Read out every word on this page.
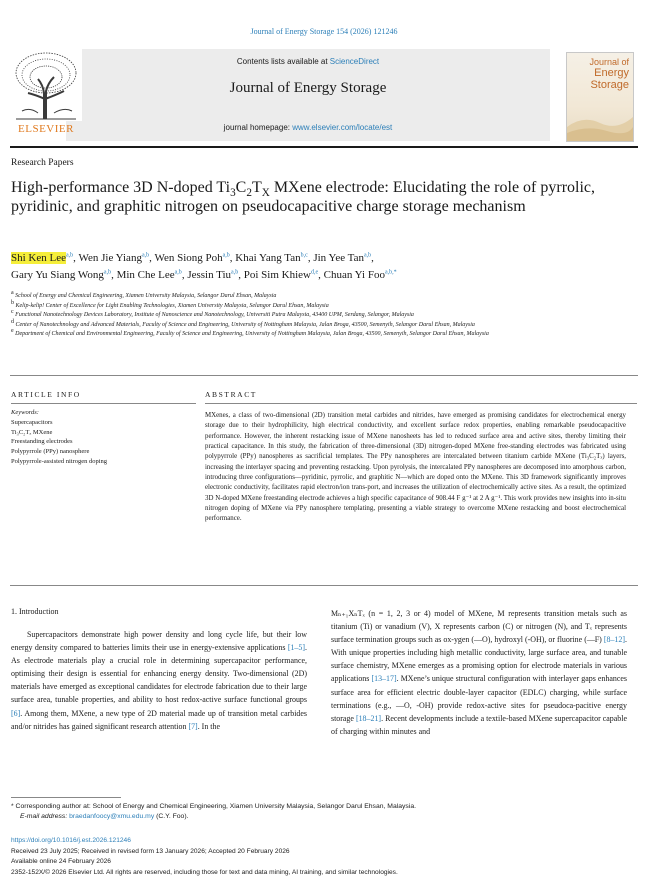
Journal of Energy Storage 154 (2026) 121246
Contents lists available at ScienceDirect
Journal of Energy Storage
journal homepage: www.elsevier.com/locate/est
ELSEVIER
Journal of
Energy
Storage
Research Papers
High-performance 3D N-doped $Ti_3C_2T_X$ MXene electrode: Elucidating the role of pyrrolic, pyridinic, and graphitic nitrogen on pseudocapacitive charge storage mechanism
Shi Ken Lee$^{a,b}$, Wen Jie Yiang$^{a,b}$, Wen Siong Poh$^{a,b}$, Khai Yang Tan$^{b,c}$, Jin Yee Tan$^{a,b}$,
Gary Yu Siang Wong$^{a,b}$, Min Che Lee$^{a,b}$, Jessin Tiu$^{a,b}$, Poi Sim Khiew$^{d,e}$, Chuan Yi Foo$^{a,b,*}$
$^a$ School of Energy and Chemical Engineering, Xiamen University Malaysia, Selangor Darul Ehsan, Malaysia
$^b$ Kelip-kelip! Center of Excellence for Light Enabling Technologies, Xiamen University Malaysia, Selangor Darul Ehsan, Malaysia
$^c$ Functional Nanotechnology Devices Laboratory, Institute of Nanoscience and Nanotechnology, Universiti Putra Malaysia, 43400 UPM, Serdang, Selangor, Malaysia
$^d$ Center of Nanotechnology and Advanced Materials, Faculty of Science and Engineering, University of Nottingham Malaysia, Jalan Broga, 43500, Semenyih, Selangor Darul Ehsan, Malaysia
$^e$ Department of Chemical and Environmental Engineering, Faculty of Science and Engineering, University of Nottingham Malaysia, Jalan Broga, 43500, Semenyih, Selangor Darul Ehsan, Malaysia
ARTICLE INFO
Keywords:
Supercapacitors
Ti₃C₂Tₓ MXene
Freestanding electrodes
Polypyrrole (PPy) nanosphere
Polypyrrole-assisted nitrogen doping
ABSTRACT
MXenes, a class of two-dimensional (2D) transition metal carbides and nitrides, have emerged as promising candidates for electrochemical energy storage due to their hydrophilicity, high electrical conductivity, and excellent surface redox properties, enabling remarkable pseudocapacitive performance. However, the inherent restacking issue of MXene nanosheets has led to reduced surface area and active sites, thereby limiting their practical capacitance. In this study, the fabrication of three-dimensional (3D) nitrogen-doped MXene free-standing electrodes was fabricated using polypyrrole (PPy) nanospheres as sacrificial templates. The PPy nanospheres are intercalated between titanium carbide MXene (Ti₃C₂Tₓ) layers, increasing the interlayer spacing and preventing restacking. Upon pyrolysis, the intercalated PPy nanospheres are decomposed into amorphous carbon, introducing three configurations—pyridinic, pyrrolic, and graphitic N—which are doped onto the MXene. This 3D framework significantly improves electronic conductivity, facilitates rapid electron/ion trans-port, and increases the utilization of electrochemically active sites. As a result, the optimized 3D N-doped MXene freestanding electrode achieves a high specific capacitance of 908.44 F g⁻¹ at 2 A g⁻¹. This work provides new insights into in-situ nitrogen doping of MXene via PPy nanosphere templating, presenting a viable strategy to overcome MXene restacking and boost electrochemical performance.
1. Introduction

Supercapacitors demonstrate high power density and long cycle life, but their low energy density compared to batteries limits their use in energy-extensive applications [1–5]. As electrode materials play a crucial role in determining supercapacitor performance, optimising their design is essential for enhancing energy density. Two-dimensional (2D) materials have emerged as exceptional candidates for electrode fabrication due to their large surface area, tunable properties, and ability to host redox-active surface functional groups [6]. Among them, MXene, a new type of 2D material made up of transition metal carbides and/or nitrides has gained significant research attention [7]. In the

Mₙ₊₁XₙTₓ (n = 1, 2, 3 or 4) model of MXene, M represents transition metals such as titanium (Ti) or vanadium (V), X represents carbon (C) or nitrogen (N), and Tₓ represents surface termination groups such as ox-ygen (—O), hydroxyl (-OH), or fluorine (—F) [8–12]. With unique properties including high metallic conductivity, large surface area, and tunable surface chemistry, MXene emerges as a promising option for electrode materials in various applications [13–17]. MXene’s unique structural configuration with interlayer gaps enhances surface area for efficient electric double-layer capacitor (EDLC) charging, while surface terminations (e.g., —O, -OH) provide redox-active sites for pseudoca-pacitive energy storage [18–21]. Recent developments include a textile-based MXene supercapacitor capable of charging within minutes and

* Corresponding author at: School of Energy and Chemical Engineering, Xiamen University Malaysia, Selangor Darul Ehsan, Malaysia.
E-mail address: braedanfoocy@xmu.edu.my (C.Y. Foo).
https://doi.org/10.1016/j.est.2026.121246
Received 23 July 2025; Received in revised form 13 January 2026; Accepted 20 February 2026
Available online 24 February 2026
2352-152X/© 2026 Elsevier Ltd. All rights are reserved, including those for text and data mining, AI training, and similar technologies.
